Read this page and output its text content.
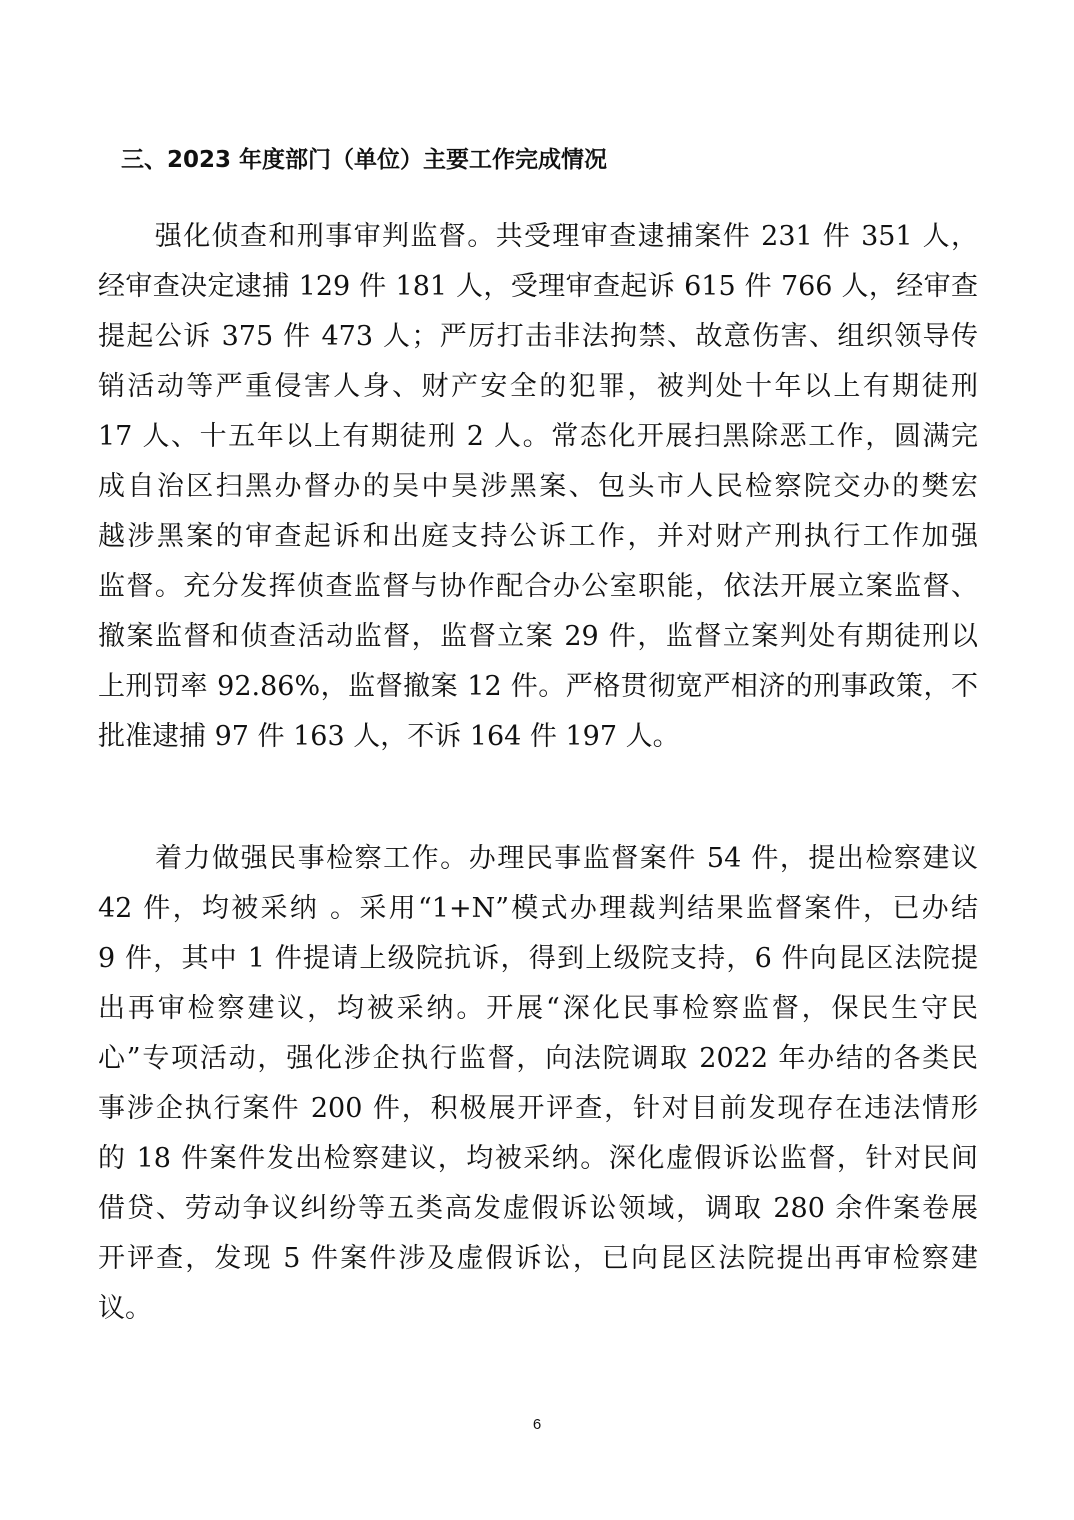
三、2023 年度部门（单位）主要工作完成情况

　　强化侦查和刑事审判监督。共受理审查逮捕案件 231 件 351 人，
经审查决定逮捕 129 件 181 人，受理审查起诉 615 件 766 人，经审查
提起公诉 375 件 473 人；严厉打击非法拘禁、故意伤害、组织领导传
销活动等严重侵害人身、财产安全的犯罪，被判处十年以上有期徒刑
17 人、十五年以上有期徒刑 2 人。常态化开展扫黑除恶工作，圆满完
成自治区扫黑办督办的吴中昊涉黑案、包头市人民检察院交办的樊宏
越涉黑案的审查起诉和出庭支持公诉工作，并对财产刑执行工作加强
监督。充分发挥侦查监督与协作配合办公室职能，依法开展立案监督、
撤案监督和侦查活动监督，监督立案 29 件，监督立案判处有期徒刑以
上刑罚率 92.86%，监督撤案 12 件。严格贯彻宽严相济的刑事政策，不
批准逮捕 97 件 163 人，不诉 164 件 197 人。

　　着力做强民事检察工作。办理民事监督案件 54 件，提出检察建议
42 件，均被采纳 。采用“1+N”模式办理裁判结果监督案件，已办结
9 件，其中 1 件提请上级院抗诉，得到上级院支持，6 件向昆区法院提
出再审检察建议，均被采纳。开展“深化民事检察监督，保民生守民
心”专项活动，强化涉企执行监督，向法院调取 2022 年办结的各类民
事涉企执行案件 200 件，积极展开评查，针对目前发现存在违法情形
的 18 件案件发出检察建议，均被采纳。深化虚假诉讼监督，针对民间
借贷、劳动争议纠纷等五类高发虚假诉讼领域，调取 280 余件案卷展
开评查，发现 5 件案件涉及虚假诉讼，已向昆区法院提出再审检察建
议。

6
